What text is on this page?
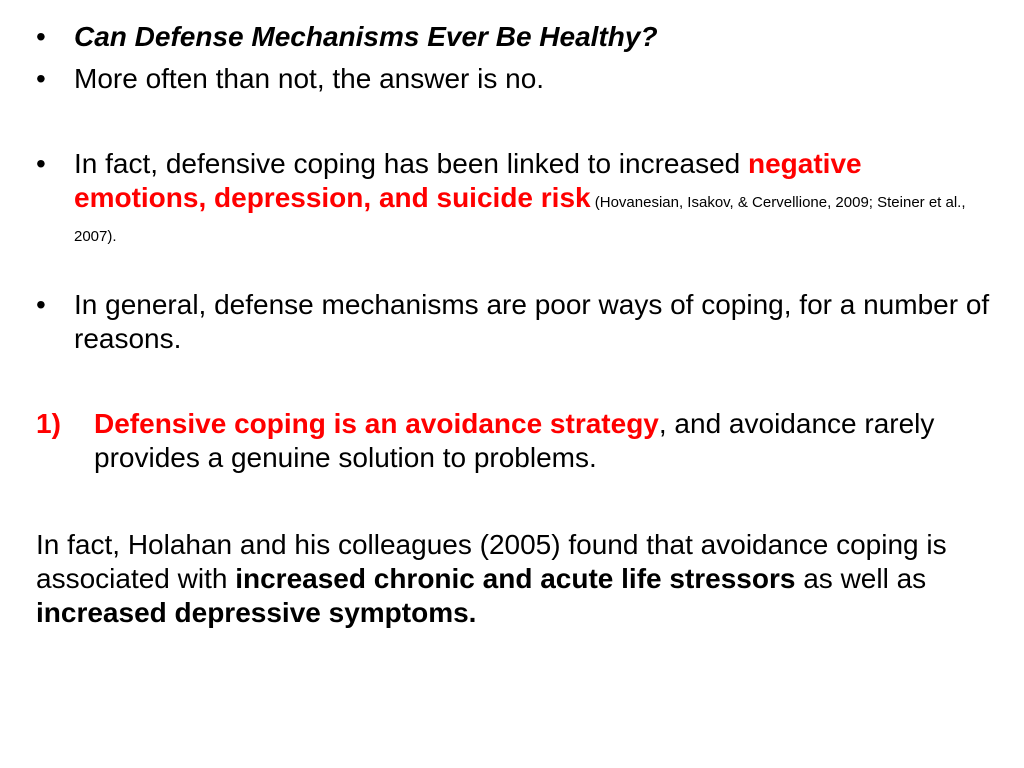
•	Can Defense Mechanisms Ever Be Healthy?
•	More often than not, the answer is no.
•	In fact, defensive coping has been linked to increased negative emotions, depression, and suicide risk (Hovanesian, Isakov, & Cervellione, 2009; Steiner et al., 2007).
•	In general, defense mechanisms are poor ways of coping, for a number of reasons.
1) Defensive coping is an avoidance strategy, and avoidance rarely provides a genuine solution to problems.
In fact, Holahan and his colleagues (2005) found that avoidance coping is associated with increased chronic and acute life stressors as well as increased depressive symptoms.
